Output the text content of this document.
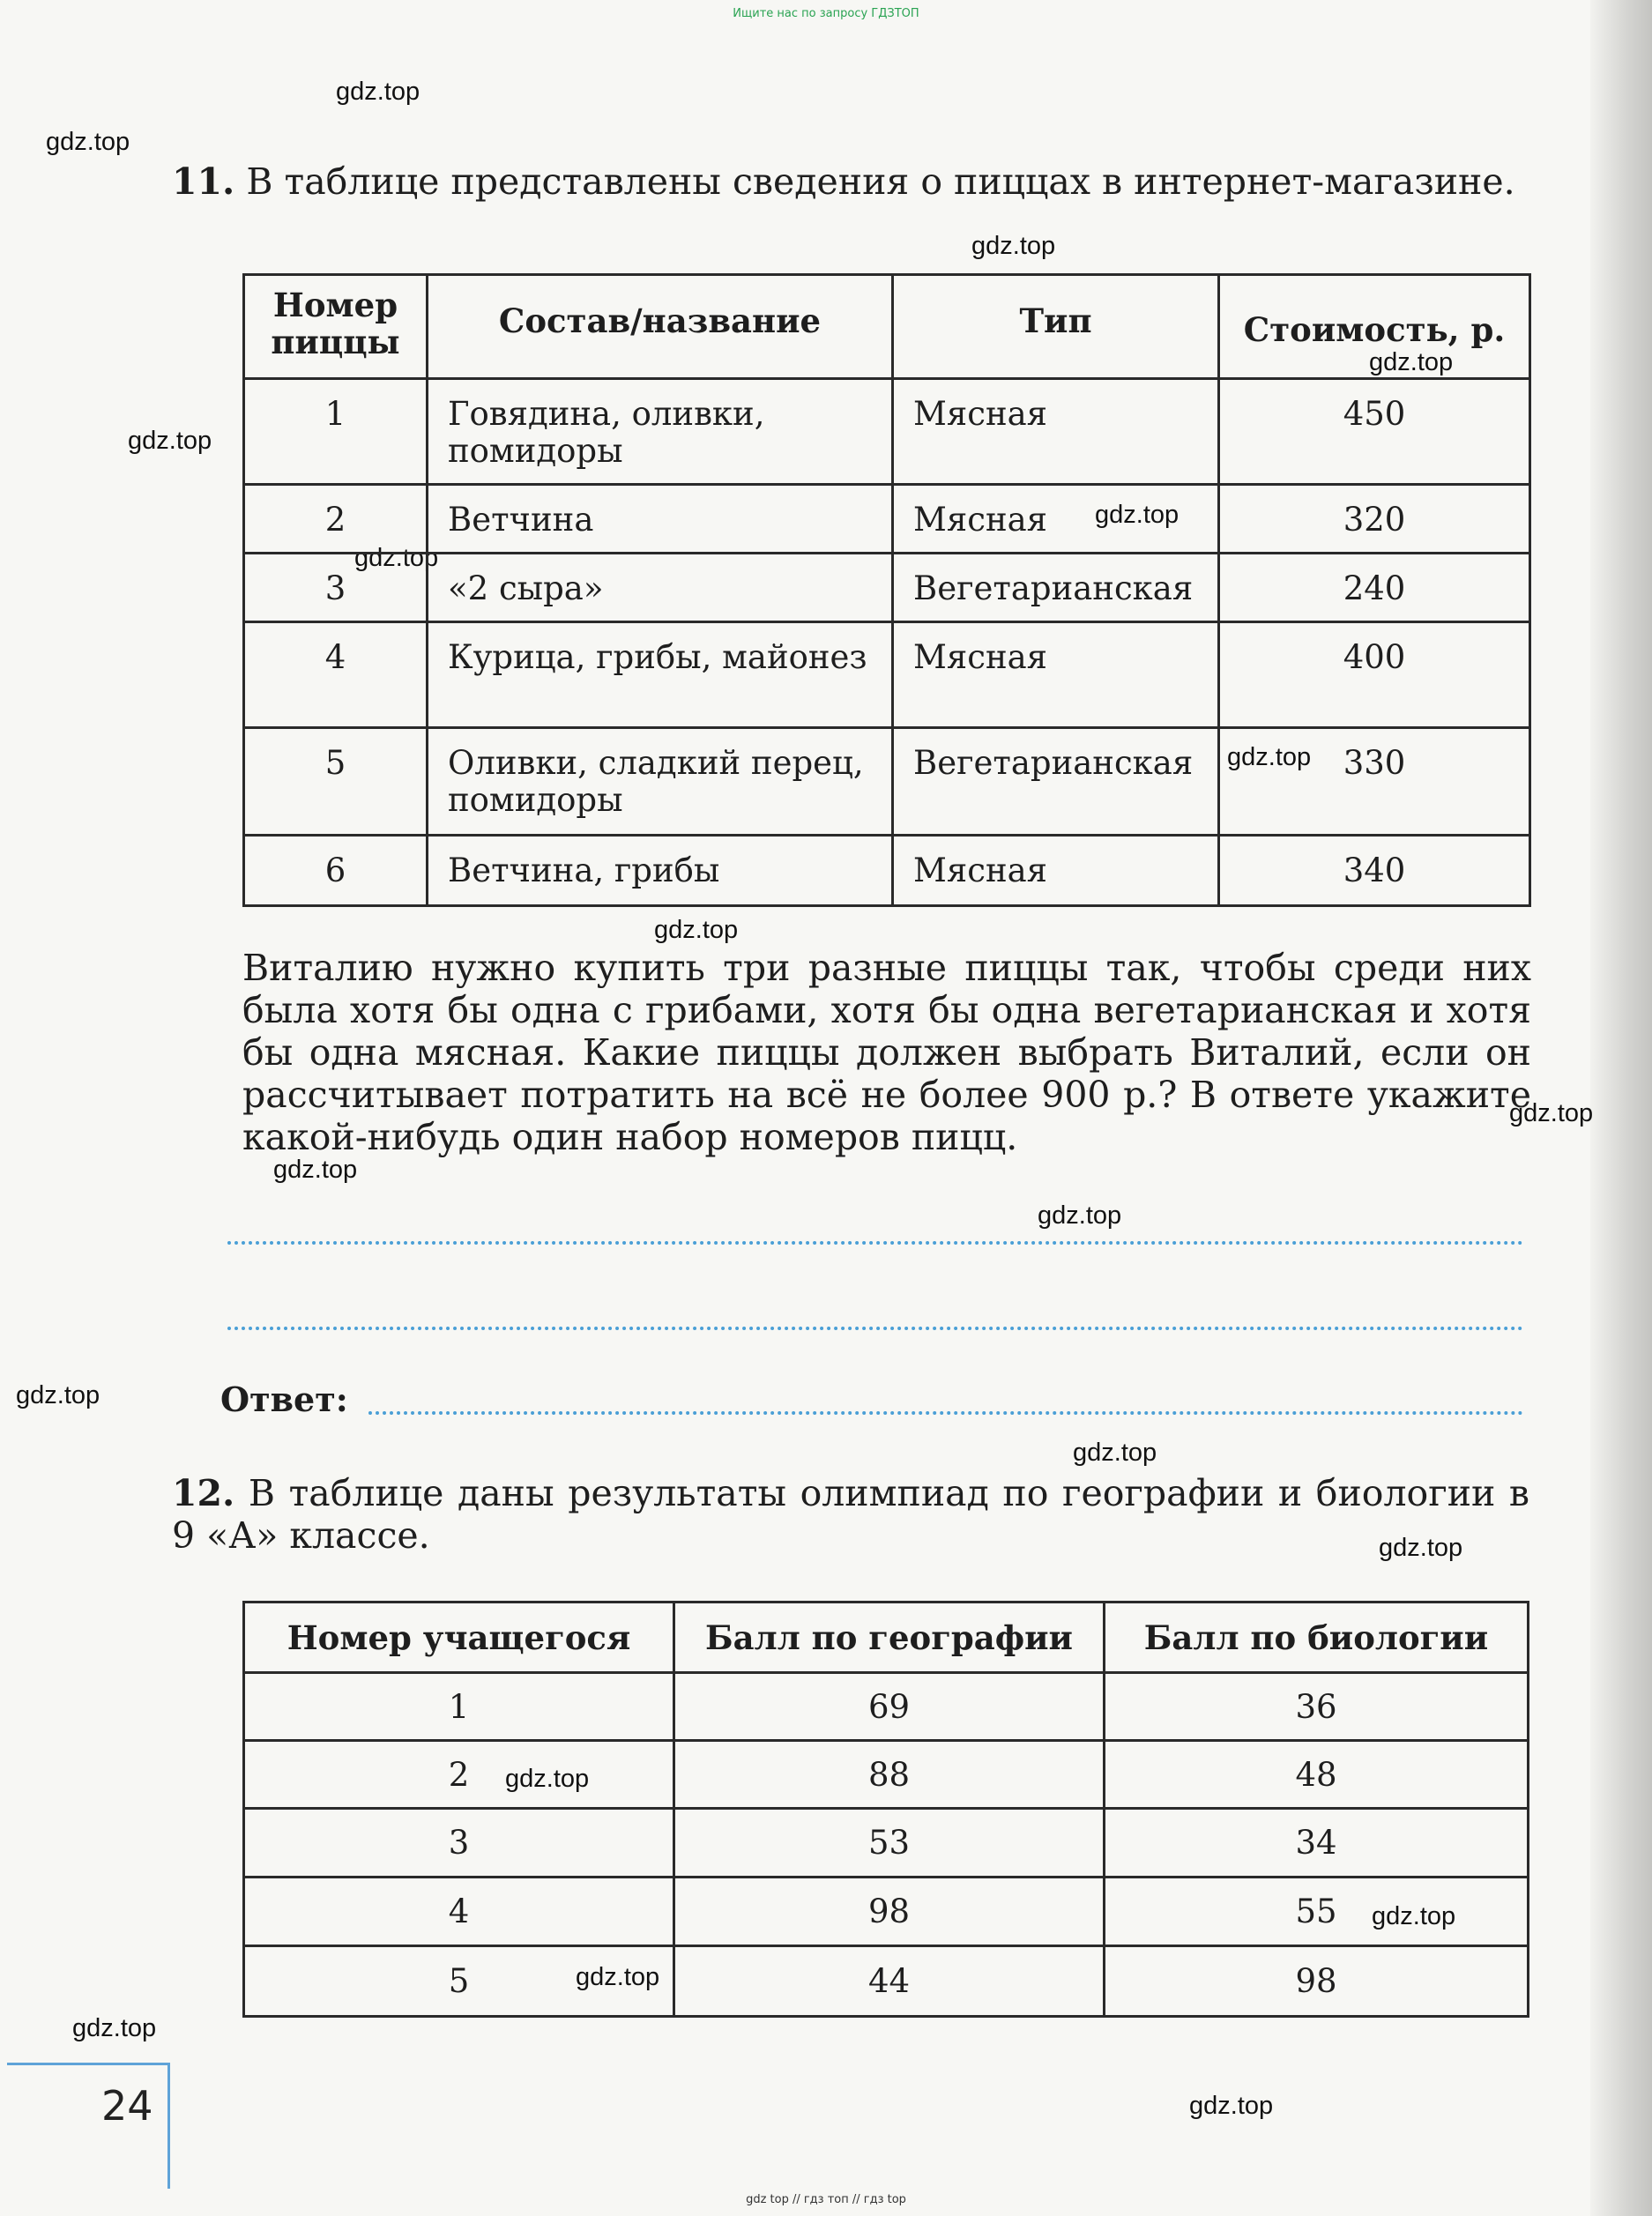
Ищите нас по запросу ГДЗТОП
gdz.top
gdz.top
gdz.top
gdz.top
gdz.top
gdz.top
gdz.top
gdz.top
gdz.top
gdz.top
gdz.top
gdz.top
gdz.top
gdz.top
gdz.top
gdz.top
gdz.top
gdz.top
gdz.top
gdz.top
11. В таблице представлены сведения о пиццах в интернет-магазине.
Номер пиццы	Состав/название	Тип	Стоимость, р.
1	Говядина, оливки, помидоры	Мясная	450
2	Ветчина	Мясная	320
3	«2 сыра»	Вегетарианская	240
4	Курица, грибы, майонез	Мясная	400
5	Оливки, сладкий перец, помидоры	Вегетарианская	330
6	Ветчина, грибы	Мясная	340
Виталию нужно купить три разные пиццы так, чтобы среди них была хотя бы одна с грибами, хотя бы одна вегетарианская и хотя бы одна мясная. Какие пиццы должен выбрать Виталий, если он рассчитывает потратить на всё не более 900 р.? В ответе укажите какой-нибудь один набор номеров пицц.
Ответ:
12. В таблице даны результаты олимпиад по географии и биологии в 9 «А» классе.
Номер учащегося	Балл по географии	Балл по биологии
1	69	36
2	88	48
3	53	34
4	98	55
5	44	98
24
gdz top // гдз топ // гдз top
